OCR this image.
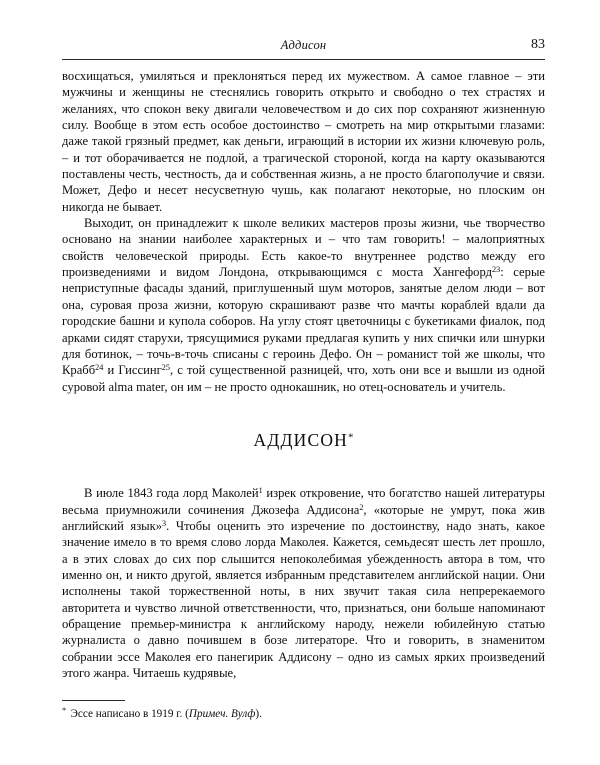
Аддисон	83

восхищаться, умиляться и преклоняться перед их мужеством. А самое главное – эти мужчины и женщины не стеснялись говорить открыто и свободно о тех страстях и желаниях, что спокон веку двигали человечеством и до сих пор сохраняют жизненную силу. Вообще в этом есть особое достоинство – смотреть на мир открытыми глазами: даже такой грязный предмет, как деньги, играющий в истории их жизни ключевую роль, – и тот оборачивается не подлой, а трагической стороной, когда на карту оказываются поставлены честь, честность, да и собственная жизнь, а не просто благополучие и связи. Может, Дефо и несет несусветную чушь, как полагают некоторые, но плоским он никогда не бывает.

Выходит, он принадлежит к школе великих мастеров прозы жизни, чье творчество основано на знании наиболее характерных и – что там говорить! – малоприятных свойств человеческой природы. Есть какое-то внутреннее родство между его произведениями и видом Лондона, открывающимся с моста Хангефорд$^{23}$: серые неприступные фасады зданий, приглушенный шум моторов, занятые делом люди – вот она, суровая проза жизни, которую скрашивают разве что мачты кораблей вдали да городские башни и купола соборов. На углу стоят цветочницы с букетиками фиалок, под арками сидят старухи, трясущимися руками предлагая купить у них спички или шнурки для ботинок, – точь-в-точь списаны с героинь Дефо. Он – романист той же школы, что Крабб$^{24}$ и Гиссинг$^{25}$, с той существенной разницей, что, хоть они все и вышли из одной суровой alma mater, он им – не просто однокашник, но отец-основатель и учитель.

АДДИСОН*

В июле 1843 года лорд Маколей$^1$ изрек откровение, что богатство нашей литературы весьма приумножили сочинения Джозефа Аддисона$^2$, «которые не умрут, пока жив английский язык»$^3$. Чтобы оценить это изречение по достоинству, надо знать, какое значение имело в то время слово лорда Маколея. Кажется, семьдесят шесть лет прошло, а в этих словах до сих пор слышится непоколебимая убежденность автора в том, что именно он, и никто другой, является избранным представителем английской нации. Они исполнены такой торжественной ноты, в них звучит такая сила непререкаемого авторитета и чувство личной ответственности, что, признаться, они больше напоминают обращение премьер-министра к английскому народу, нежели юбилейную статью журналиста о давно почившем в бозе литераторе. Что и говорить, в знаменитом собрании эссе Маколея его панегирик Аддисону – одно из самых ярких произведений этого жанра. Читаешь кудрявые,

* Эссе написано в 1919 г. (Примеч. Вулф).
